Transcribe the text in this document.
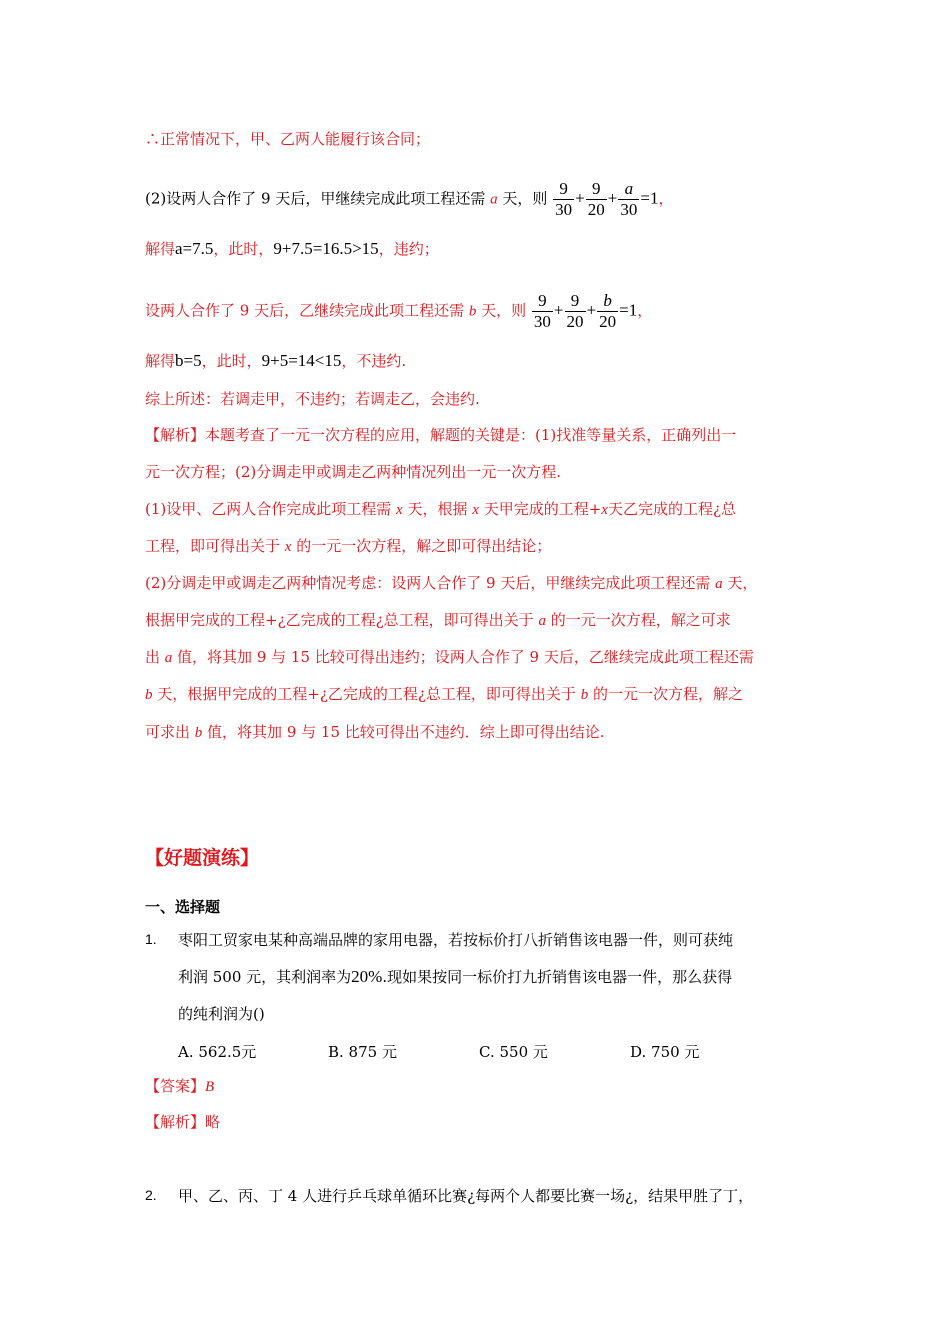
∴正常情况下，甲、乙两人能履行该合同；
(2)设两人合作了 9 天后，甲继续完成此项工程还需 a 天，则 $\frac{9}{30} + \frac{9}{20} + \frac{a}{30} =1$，
解得a=7.5，此时，9+7.5=16.5>15，违约；
设两人合作了 9 天后，乙继续完成此项工程还需 b 天，则 $\frac{9}{30} + \frac{9}{20} + \frac{b}{20} =1$，
解得b=5，此时，9+5=14<15，不违约.
综上所述：若调走甲，不违约；若调走乙，会违约.
【解析】本题考查了一元一次方程的应用，解题的关键是：(1)找准等量关系，正确列出一
元一次方程；(2)分调走甲或调走乙两种情况列出一元一次方程.
(1)设甲、乙两人合作完成此项工程需 x 天，根据 x 天甲完成的工程+x天乙完成的工程¿总
工程，即可得出关于 x 的一元一次方程，解之即可得出结论；
(2)分调走甲或调走乙两种情况考虑：设两人合作了 9 天后，甲继续完成此项工程还需 a 天，
根据甲完成的工程+¿乙完成的工程¿总工程，即可得出关于 a 的一元一次方程，解之可求
出 a 值，将其加 9 与 15 比较可得出违约；设两人合作了 9 天后，乙继续完成此项工程还需
b 天，根据甲完成的工程+¿乙完成的工程¿总工程，即可得出关于 b 的一元一次方程，解之
可求出 b 值，将其加 9 与 15 比较可得出不违约．综上即可得出结论.
【好题演练】
一、选择题
1. 枣阳工贸家电某种高端品牌的家用电器，若按标价打八折销售该电器一件，则可获纯
利润 500 元，其利润率为20%.现如果按同一标价打九折销售该电器一件，那么获得
的纯利润为()
A. 562.5元	B. 875 元	C. 550 元	D. 750 元
【答案】B
【解析】略
2. 甲、乙、丙、丁 4 人进行乒乓球单循环比赛¿每两个人都要比赛一场¿，结果甲胜了丁，
